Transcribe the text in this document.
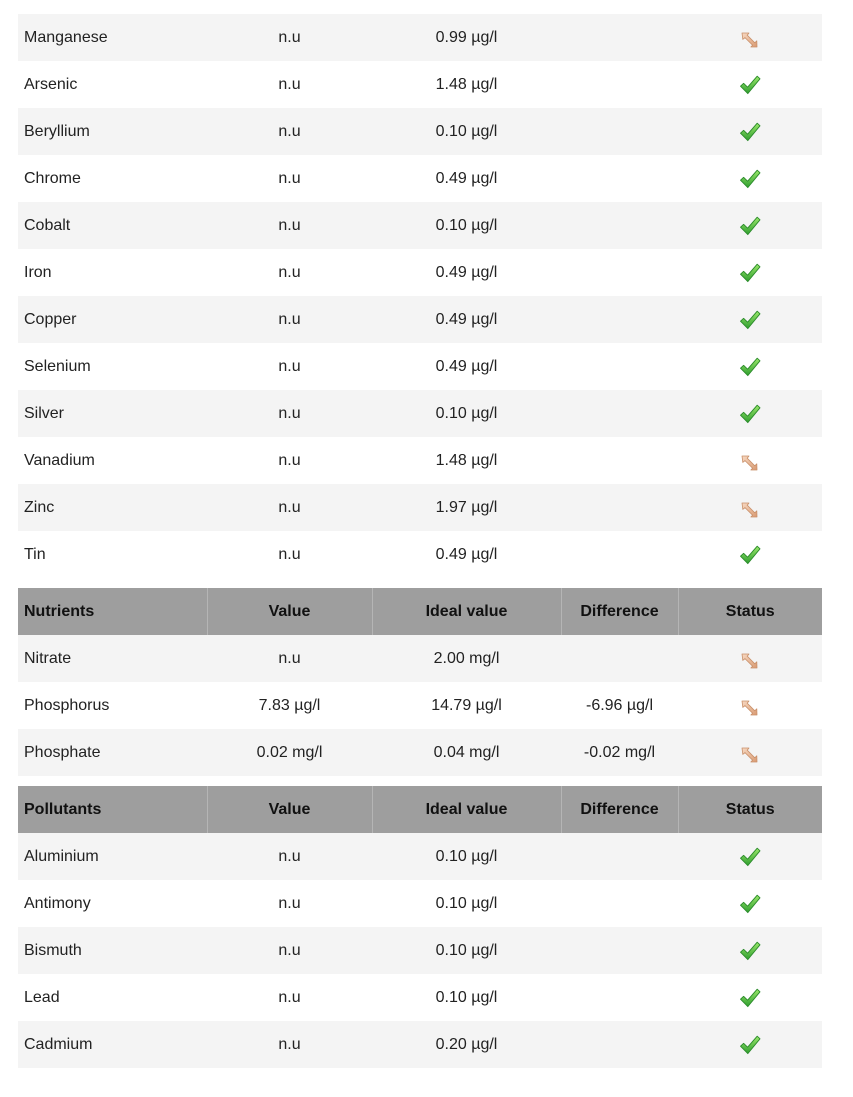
Manganese	n.u	0.99 µg/l		

Arsenic	n.u	1.48 µg/l		

Beryllium	n.u	0.10 µg/l		

Chrome	n.u	0.49 µg/l		

Cobalt	n.u	0.10 µg/l		

Iron	n.u	0.49 µg/l		

Copper	n.u	0.49 µg/l		

Selenium	n.u	0.49 µg/l		

Silver	n.u	0.10 µg/l		

Vanadium	n.u	1.48 µg/l		

Zinc	n.u	1.97 µg/l		

Tin	n.u	0.49 µg/l		
Nutrients	Value	Ideal value	Difference	Status
Nitrate	n.u	2.00 mg/l		

Phosphorus	7.83 µg/l	14.79 µg/l	-6.96 µg/l	

Phosphate	0.02 mg/l	0.04 mg/l	-0.02 mg/l	
Pollutants	Value	Ideal value	Difference	Status
Aluminium	n.u	0.10 µg/l		

Antimony	n.u	0.10 µg/l		

Bismuth	n.u	0.10 µg/l		

Lead	n.u	0.10 µg/l		

Cadmium	n.u	0.20 µg/l		
